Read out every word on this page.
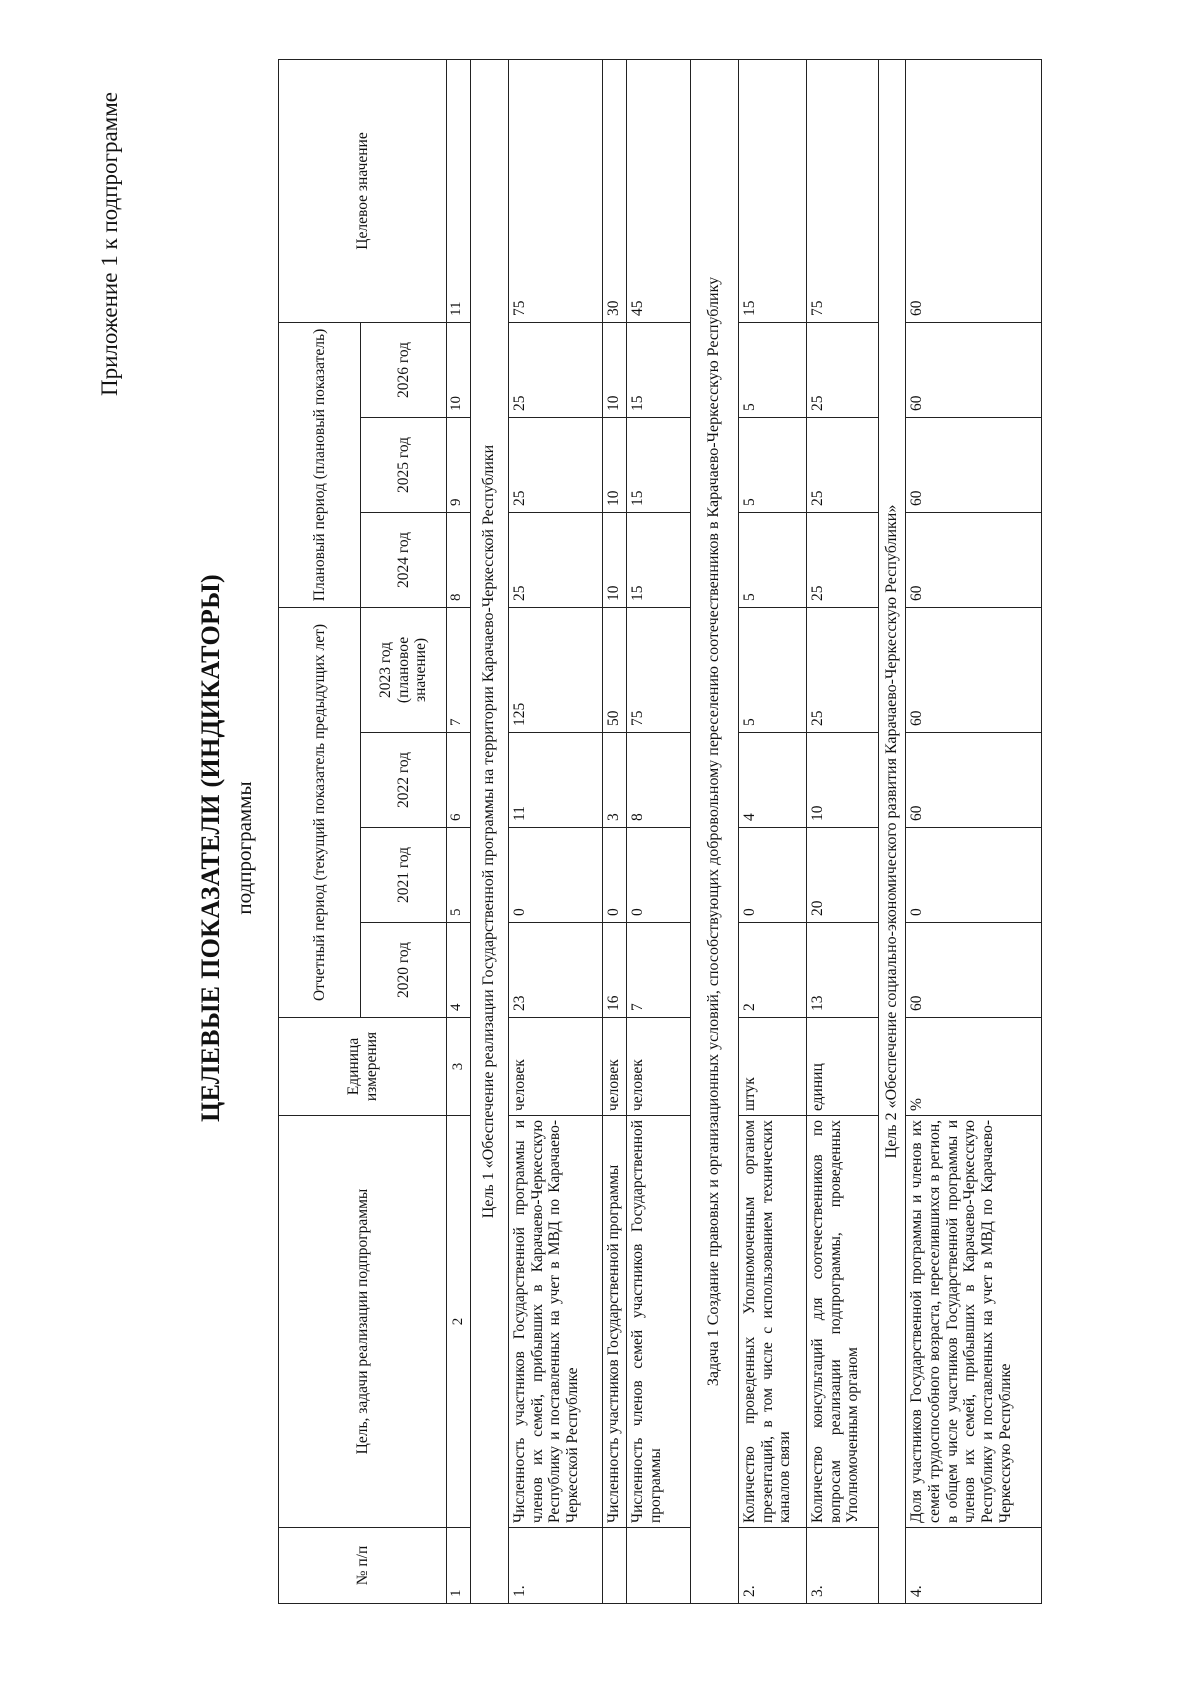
Приложение 1 к подпрограмме
ЦЕЛЕВЫЕ ПОКАЗАТЕЛИ (ИНДИКАТОРЫ) подпрограммы
№ п/п	Цель, задачи реализации подпрограммы	Единица измерения	Отчетный период (текущий показатель предыдущих лет)				Плановый период (плановый показатель)			Целевое значение
			2020 год	2021 год	2022 год	2023 год (плановое значение)	2024 год	2025 год	2026 год	
1	2	3	4	5	6	7	8	9	10	11
Цель 1 «Обеспечение реализации Государственной программы на территории Карачаево-Черкесской Республики										
1.	Численность участников Государственной программы и членов их семей, прибывших в Карачаево-Черкесскую Республику и поставленных на учет в МВД по Карачаево-Черкесской Республике	человек	23	0	11	125	25	25	25	75
	Численность участников Государственной программы	человек	16	0	3	50	10	10	10	30
	Численность членов семей участников Государственной программы	человек	7	0	8	75	15	15	15	45
Задача 1 Создание правовых и организационных условий, способствующих добровольному переселению соотечественников в Карачаево-Черкесскую Республику										
2.	Количество проведенных Уполномоченным органом презентаций, в том числе с использованием технических каналов связи	штук	2	0	4	5	5	5	5	15
3.	Количество консультаций для соотечественников по вопросам реализации подпрограммы, проведенных Уполномоченным органом	единиц	13	20	10	25	25	25	25	75
Цель 2 «Обеспечение социально-экономического развития Карачаево-Черкесскую Республики»										
4.	Доля участников Государственной программы и членов их семей трудоспособного возраста, переселившихся в регион, в общем числе участников Государственной программы и членов их семей, прибывших в Карачаево-Черкесскую Республику и поставленных на учет в МВД по Карачаево-Черкесскую Республике	%	60	0	60	60	60	60	60	60
